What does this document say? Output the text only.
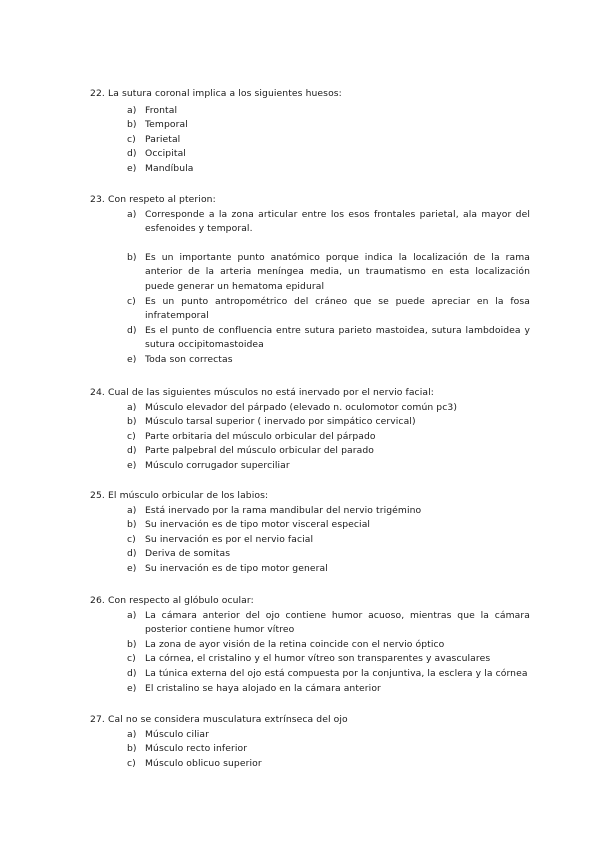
22. La sutura coronal implica a los siguientes huesos:
a) Frontal
b) Temporal
c) Parietal
d) Occipital
e) Mandíbula
23. Con respeto al pterion:
a) Corresponde a la zona articular entre los esos frontales parietal, ala mayor del esfenoides y temporal.
b) Es un importante punto anatómico porque indica la localización de la rama anterior de la arteria meníngea media, un traumatismo en esta localización puede generar un hematoma epidural
c) Es un punto antropométrico del cráneo que se puede apreciar en la fosa infratemporal
d) Es el punto de confluencia entre sutura parieto mastoidea, sutura lambdoidea y sutura occipitomastoidea
e) Toda son correctas
24. Cual de las siguientes músculos no está inervado por el nervio facial:
a) Músculo elevador del párpado (elevado n. oculomotor común pc3)
b) Músculo tarsal superior ( inervado por simpático cervical)
c) Parte orbitaria del músculo orbicular del párpado
d) Parte palpebral del músculo orbicular del parado
e) Músculo corrugador superciliar
25. El músculo orbicular de los labios:
a) Está inervado por la rama mandibular del nervio trigémino
b) Su inervación es de tipo motor visceral especial
c) Su inervación es por el nervio facial
d) Deriva de somitas
e) Su inervación es de tipo motor general
26. Con respecto al glóbulo ocular:
a) La cámara anterior del ojo contiene humor acuoso, mientras que la cámara posterior contiene humor vítreo
b) La zona de ayor visión de la retina coincide con el nervio óptico
c) La córnea, el cristalino y el humor vítreo son transparentes y avasculares
d) La túnica externa del ojo está compuesta por la conjuntiva, la esclera y la córnea
e) El cristalino se haya alojado en la cámara anterior
27. Cal no se considera musculatura extrínseca del ojo
a) Músculo ciliar
b) Músculo recto inferior
c) Músculo oblicuo superior
